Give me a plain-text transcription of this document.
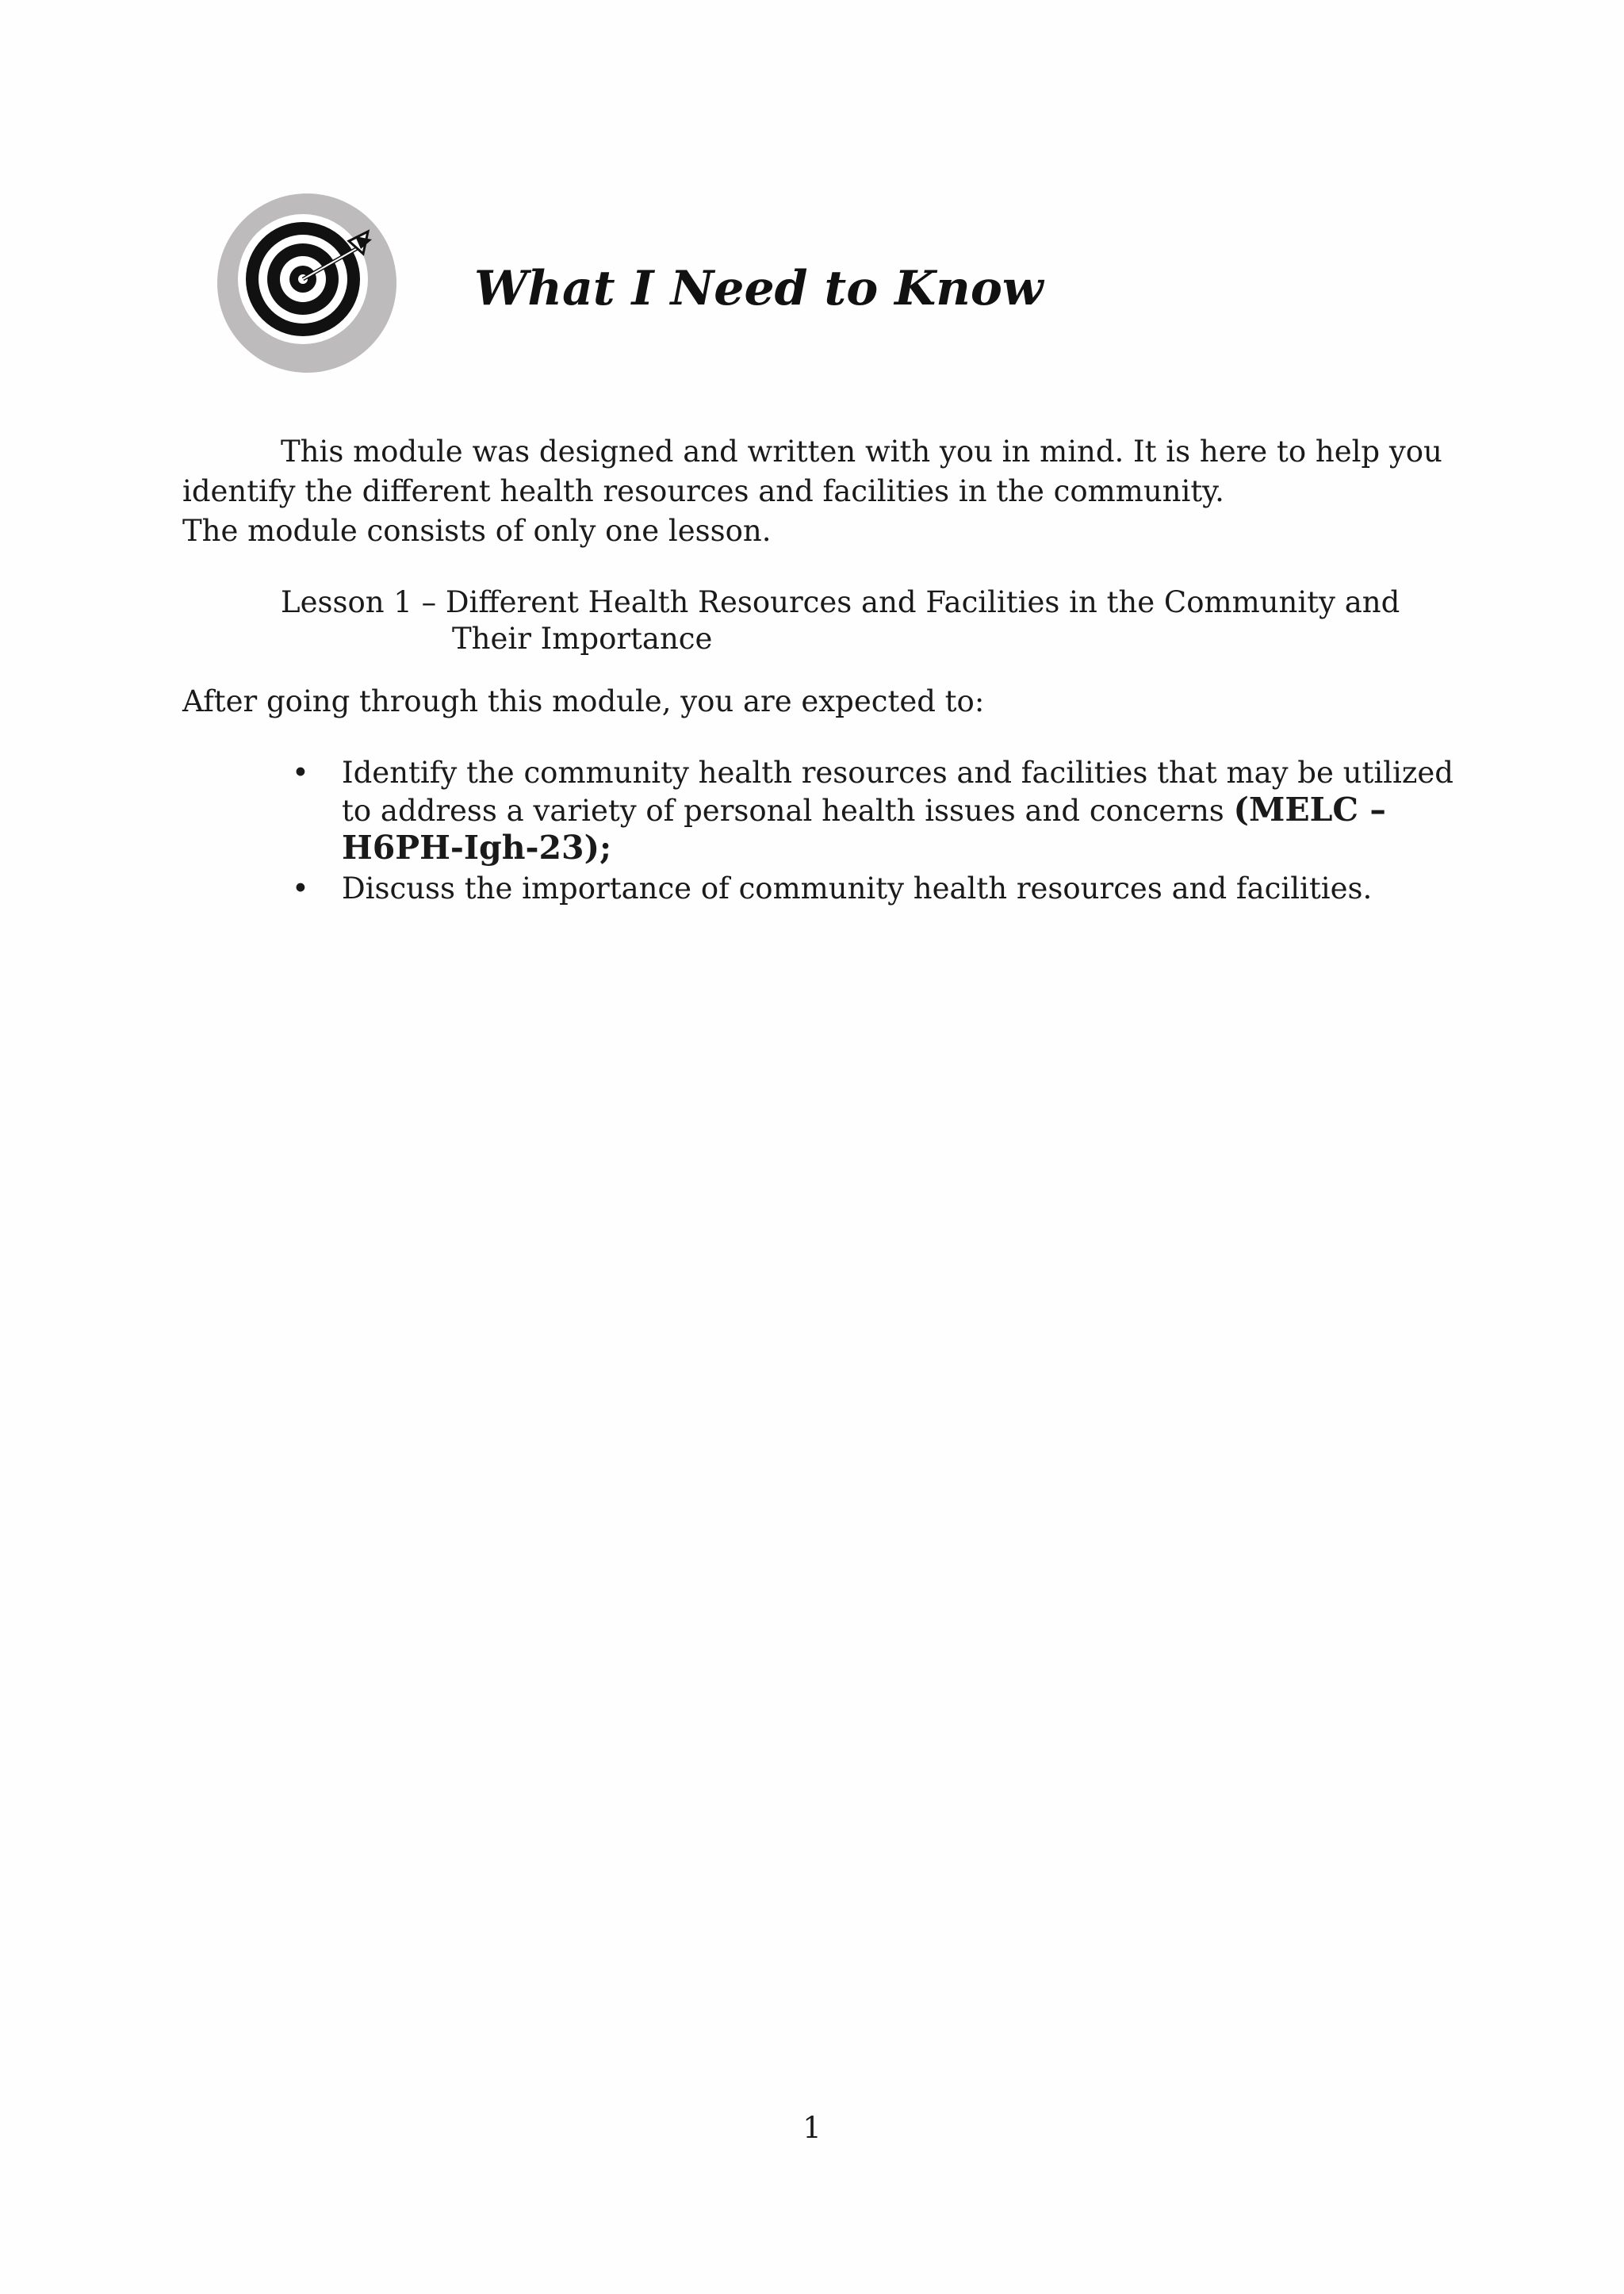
What I Need to Know

This module was designed and written with you in mind. It is here to help you identify the different health resources and facilities in the community.

The module consists of only one lesson.

Lesson 1 – Different Health Resources and Facilities in the Community and
Their Importance

After going through this module, you are expected to:

• Identify the community health resources and facilities that may be utilized to address a variety of personal health issues and concerns (MELC – H6PH-Igh-23);
• Discuss the importance of community health resources and facilities.

1
